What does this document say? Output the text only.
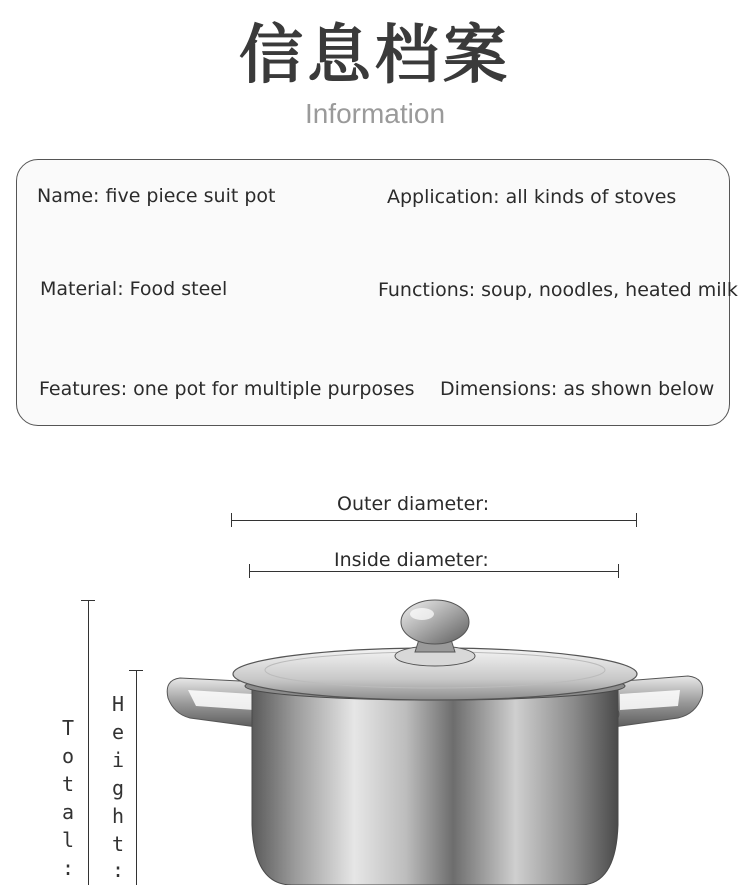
信息档案
Information
Name: five piece suit pot	Application: all kinds of stoves
Material: Food steel	Functions: soup, noodles, heated milk
Features: one pot for multiple purposes Dimensions: as shown below
Outer diameter:
Inside diameter:
T
o
t
a
l
:
H
e
i
g
h
t
:
